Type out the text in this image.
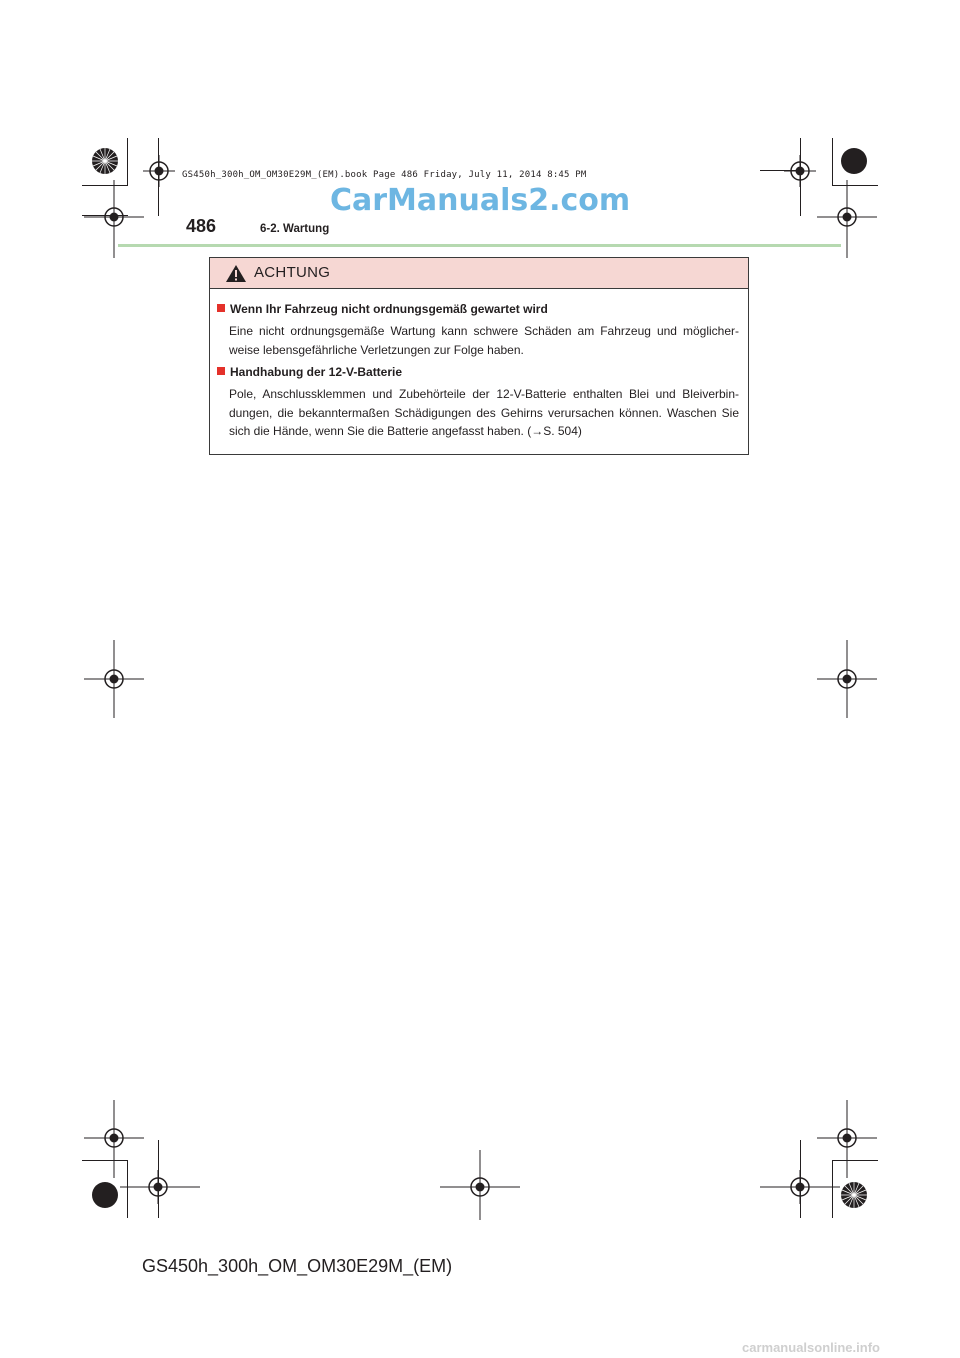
GS450h_300h_OM_OM30E29M_(EM).book Page 486 Friday, July 11, 2014 8:45 PM
CarManuals2.com
486	6-2. Wartung
ACHTUNG
Wenn Ihr Fahrzeug nicht ordnungsgemäß gewartet wird
Eine nicht ordnungsgemäße Wartung kann schwere Schäden am Fahrzeug und möglicher-weise lebensgefährliche Verletzungen zur Folge haben.
Handhabung der 12-V-Batterie
Pole, Anschlussklemmen und Zubehörteile der 12-V-Batterie enthalten Blei und Bleiverbin-dungen, die bekanntermaßen Schädigungen des Gehirns verursachen können. Waschen Sie sich die Hände, wenn Sie die Batterie angefasst haben. (→S. 504)
GS450h_300h_OM_OM30E29M_(EM)
carmanualsonline.info
